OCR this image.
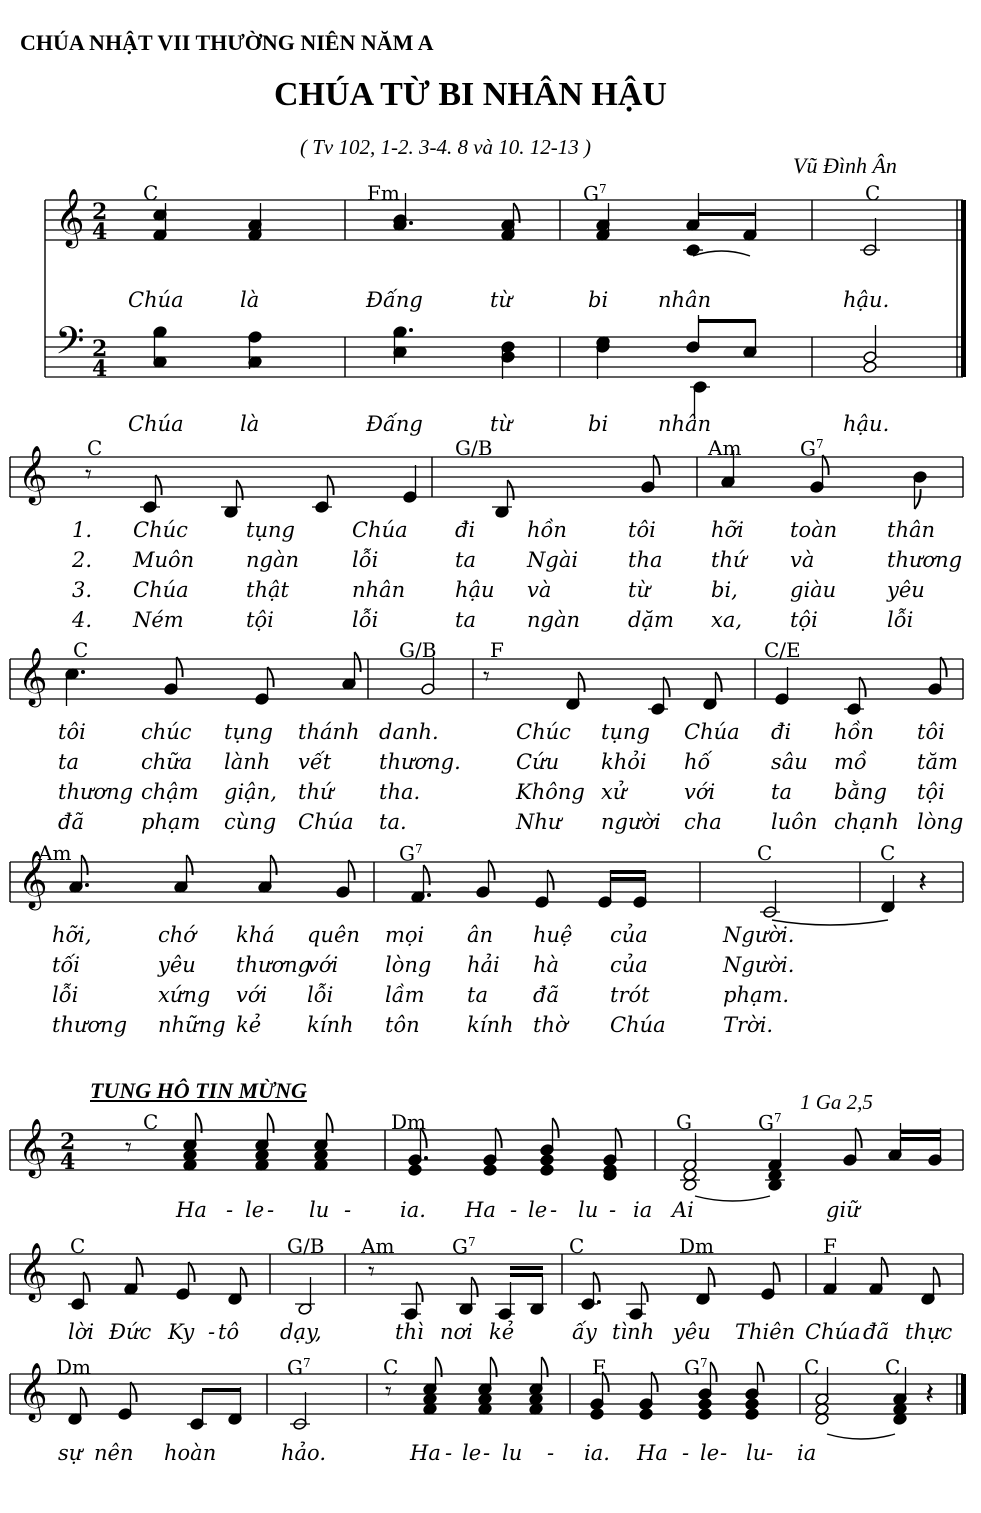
CHÚA NHẬT VII THƯỜNG NIÊN NĂM A
CHÚA TỪ BI NHÂN HẬU
( Tv 102, 1-2. 3-4. 8 và 10. 12-13 )
Vũ Đình Ân
𝄞
𝄢
2
4
2
4
𝄞
𝄞
𝄞
𝄾
𝄾
𝄽
𝄞
𝄞
𝄞
2
4 𝄾
𝄾
𝄾	𝄽
C	Fm	$G^7$	C
Chúa	là	Đấng	từ	bi nhân	hậu.
Chúa	là	Đấng	từ	bi nhân	hậu.
C	G/B	Am	$G^7$
C	G/B	F	C/E
Am	$G^7$	C	C
1. Chúc	tụng	Chúa đi hồn	tôi	hỡi toàn thân
2. Muôn ngàn	lỗi	ta Ngài tha thứ và	thương
3. Chúa	thật	nhân hậu và	từ	bi, giàu yêu
4. Ném	tội	lỗi	ta ngàn dặm xa, tội	lỗi
tôi	chúc tụng thánh danh.	Chúc tụng Chúa đi hồn tôi
ta	chữa lành vết thương.	Cứu khỏi hố	sâu mồ tăm
thương chậm giận, thứ tha.	Không xử	với	ta bằng tội
đã	phạm cùng Chúa ta.	Như người cha luôn chạnh lòng
hỡi,	chớ khá quên mọi ân huệ của	Người.
tối	yêu thương
với lòng hải hà của	Người.
lỗi	xứng với lỗi lầm ta đã trót	phạm.
thương những kẻ kính tôn kính thờ Chúa	Trời.
TUNG HÔ TIN MỪNG	1 Ga 2,5
C	Dm	G	$G^7$
C	G/B Am	$G^7$	C	Dm	F
Dm	$G^7$	C	F	$G^7$	C	C
Ha - le - lu - ia. Ha - le - lu - ia Ai	giữ
lời Đức Ky - tô dạy,	thì nơi kẻ	ấy tình yêu Thiên Chúa đã thực
sự nên hoàn	hảo.	Ha - le - lu - ia. Ha - le - lu - ia
